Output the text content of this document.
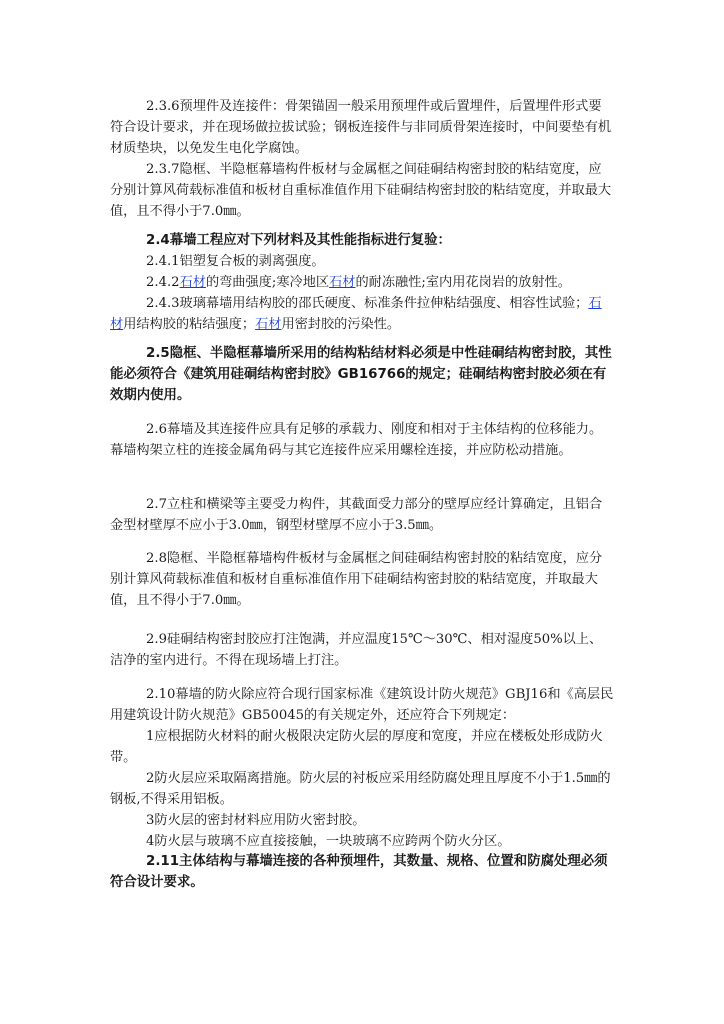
2.3.6预埋件及连接件：骨架锚固一般采用预埋件或后置埋件，后置埋件形式要符合设计要求，并在现场做拉拔试验；钢板连接件与非同质骨架连接时，中间要垫有机材质垫块，以免发生电化学腐蚀。

2.3.7隐框、半隐框幕墙构件板材与金属框之间硅硐结构密封胶的粘结宽度，应分别计算风荷载标准值和板材自重标准值作用下硅硐结构密封胶的粘结宽度，并取最大值，且不得小于7.0㎜。

2.4幕墙工程应对下列材料及其性能指标进行复验：

2.4.1铝塑复合板的剥离强度。

2.4.2石材的弯曲强度;寒冷地区石材的耐冻融性;室内用花岗岩的放射性。

2.4.3玻璃幕墙用结构胶的邵氏硬度、标准条件拉伸粘结强度、相容性试验；石材用结构胶的粘结强度；石材用密封胶的污染性。

2.5隐框、半隐框幕墙所采用的结构粘结材料必须是中性硅硐结构密封胶，其性能必须符合《建筑用硅硐结构密封胶》GB16766的规定；硅硐结构密封胶必须在有效期内使用。

2.6幕墙及其连接件应具有足够的承载力、刚度和相对于主体结构的位移能力。幕墙构架立柱的连接金属角码与其它连接件应采用螺栓连接，并应防松动措施。

2.7立柱和横梁等主要受力构件，其截面受力部分的壁厚应经计算确定，且铝合金型材壁厚不应小于3.0㎜，钢型材壁厚不应小于3.5㎜。

2.8隐框、半隐框幕墙构件板材与金属框之间硅硐结构密封胶的粘结宽度，应分别计算风荷载标准值和板材自重标准值作用下硅硐结构密封胶的粘结宽度，并取最大值，且不得小于7.0㎜。

2.9硅硐结构密封胶应打注饱满，并应温度15℃～30℃、相对湿度50%以上、洁净的室内进行。不得在现场墙上打注。

2.10幕墙的防火除应符合现行国家标准《建筑设计防火规范》GBJ16和《高层民用建筑设计防火规范》GB50045的有关规定外，还应符合下列规定：

1应根据防火材料的耐火极限决定防火层的厚度和宽度，并应在楼板处形成防火带。

2防火层应采取隔离措施。防火层的衬板应采用经防腐处理且厚度不小于1.5㎜的钢板,不得采用铝板。

3防火层的密封材料应用防火密封胶。

4防火层与玻璃不应直接接触，一块玻璃不应跨两个防火分区。

2.11主体结构与幕墙连接的各种预埋件，其数量、规格、位置和防腐处理必须符合设计要求。
